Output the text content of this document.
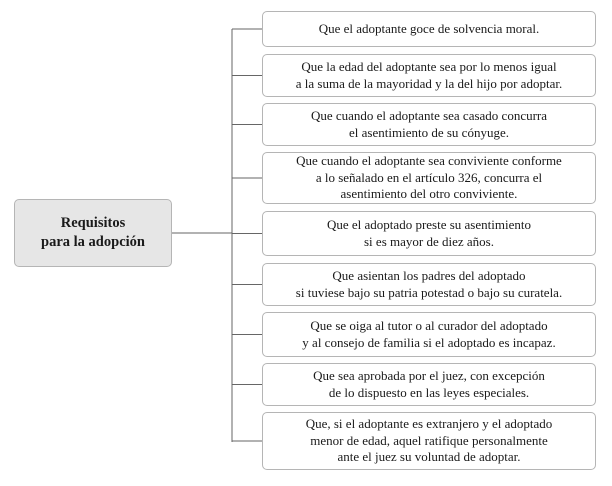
Requisitos
para la adopción
Que el adoptante goce de solvencia moral.
Que la edad del adoptante sea por lo menos igual
a la suma de la mayoridad y la del hijo por adoptar.
Que cuando el adoptante sea casado concurra
el asentimiento de su cónyuge.
Que cuando el adoptante sea conviviente conforme
a lo señalado en el artículo 326, concurra el
asentimiento del otro conviviente.
Que el adoptado preste su asentimiento
si es mayor de diez años.
Que asientan los padres del adoptado
si tuviese bajo su patria potestad o bajo su curatela.
Que se oiga al tutor o al curador del adoptado
y al consejo de familia si el adoptado es incapaz.
Que sea aprobada por el juez, con excepción
de lo dispuesto en las leyes especiales.
Que, si el adoptante es extranjero y el adoptado
menor de edad, aquel ratifique personalmente
ante el juez su voluntad de adoptar.
